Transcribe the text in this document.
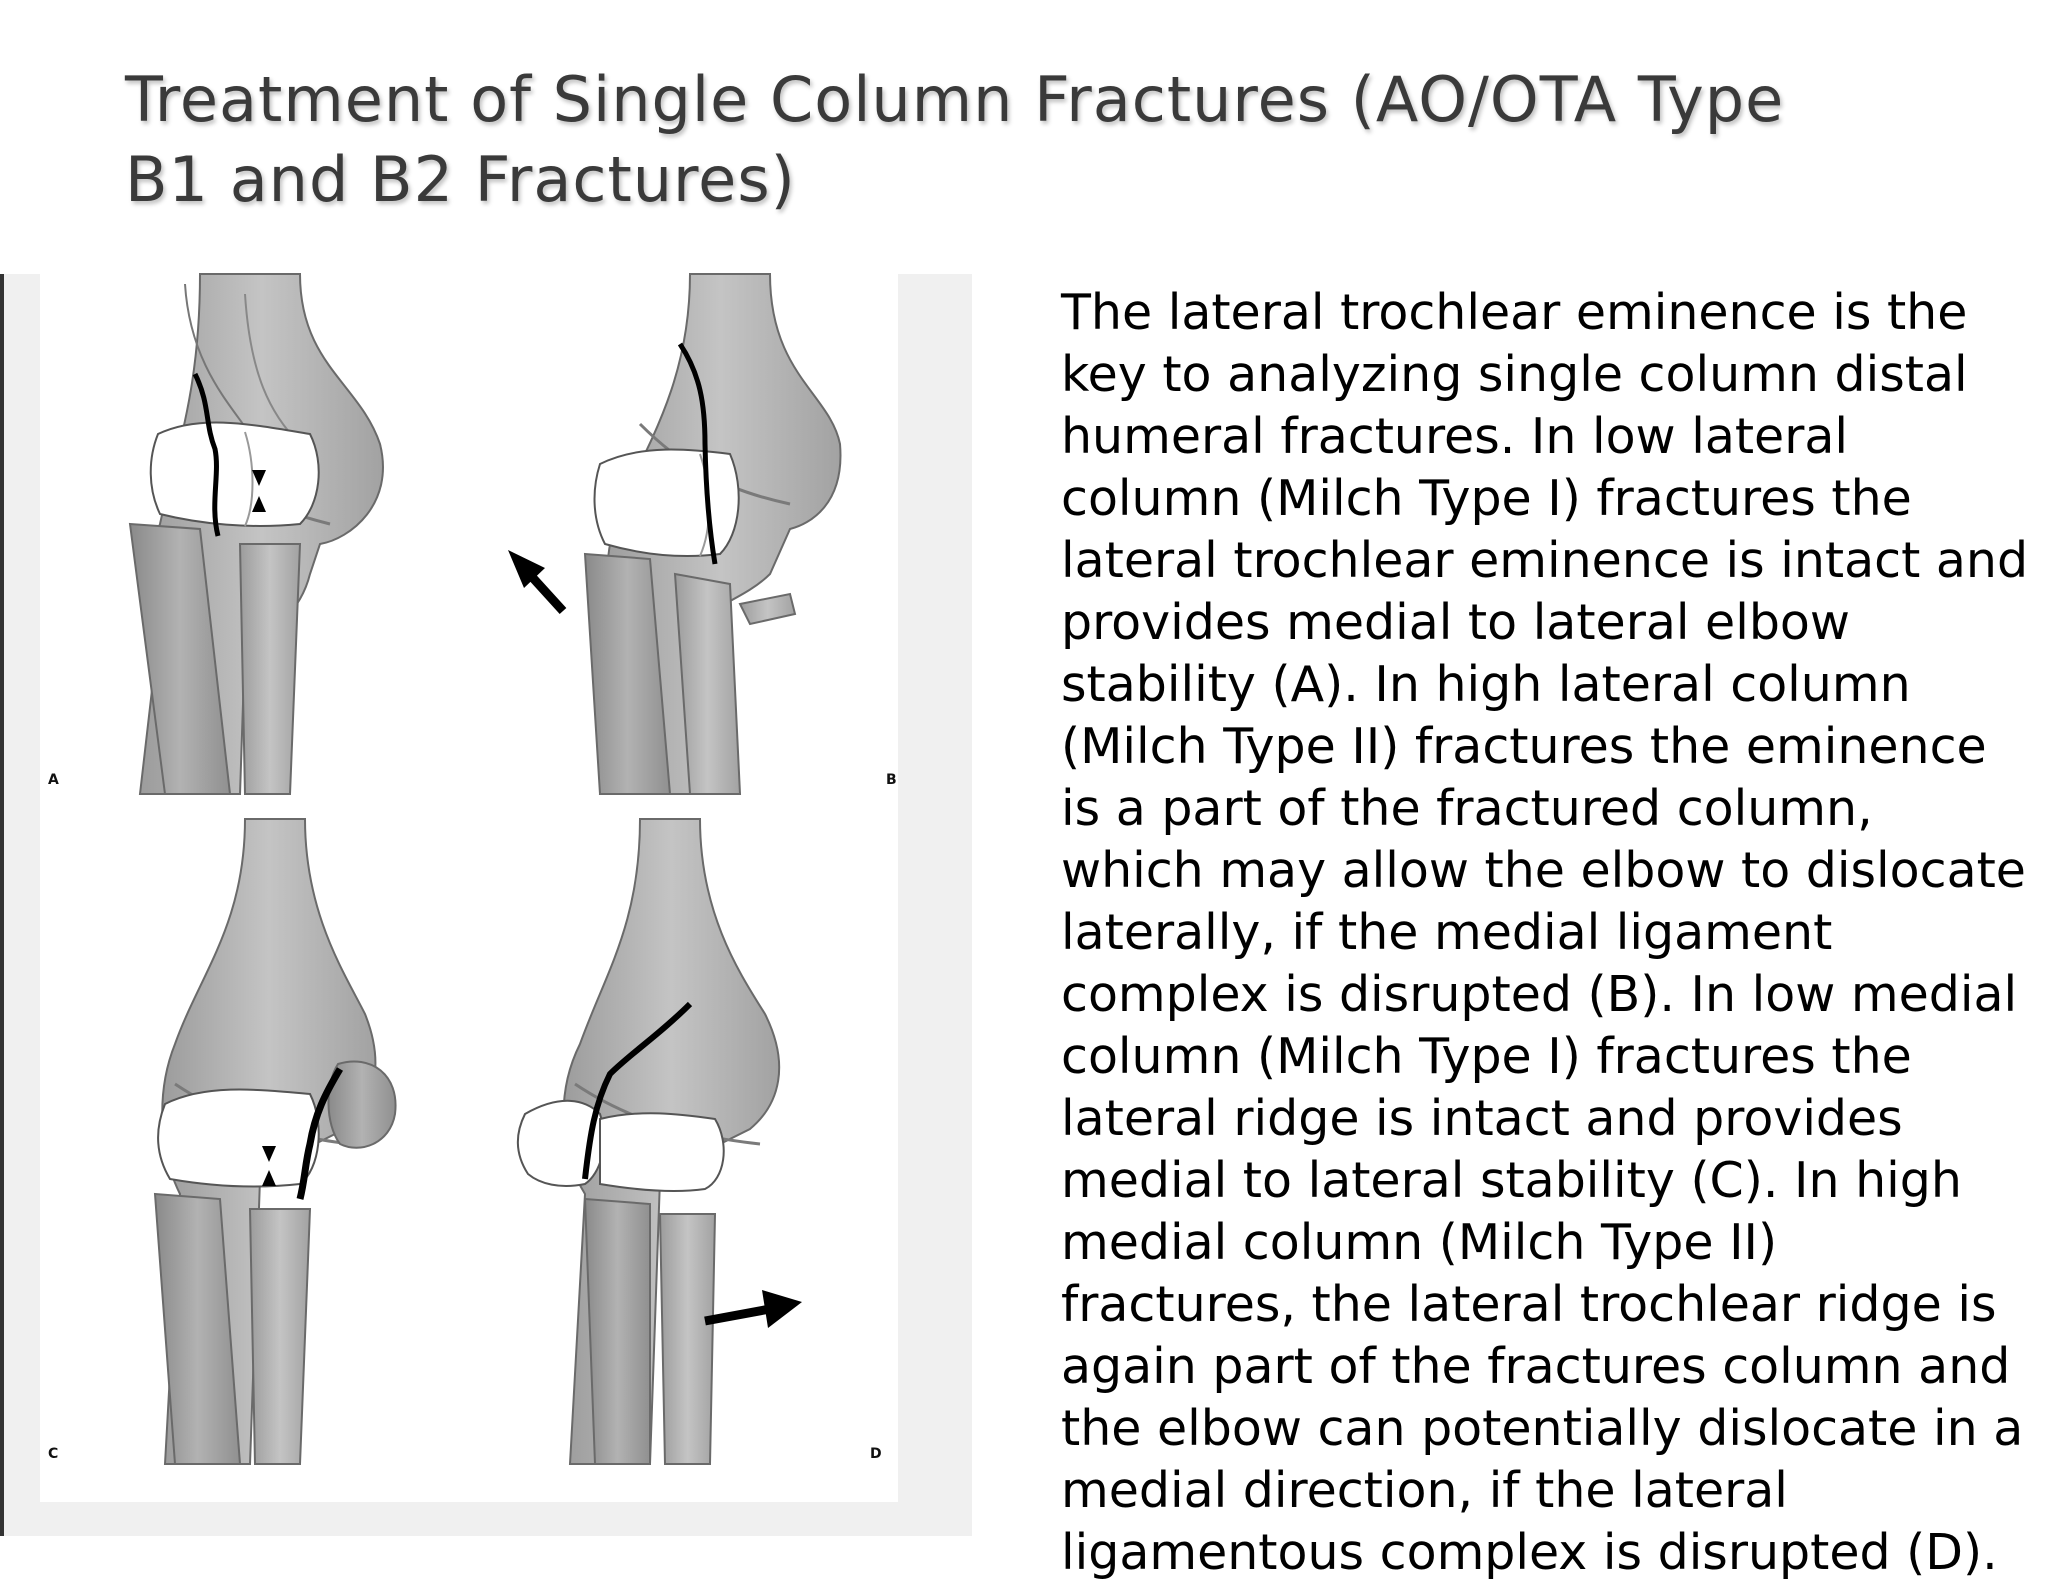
Treatment of Single Column Fractures (AO/OTA Type
B1 and B2 Fractures)
A	B
C	D
The lateral trochlear eminence is the
key to analyzing single column distal
humeral fractures. In low lateral
column (Milch Type I) fractures the
lateral trochlear eminence is intact and
provides medial to lateral elbow
stability (A). In high lateral column
(Milch Type II) fractures the eminence
is a part of the fractured column,
which may allow the elbow to dislocate
laterally, if the medial ligament
complex is disrupted (B). In low medial
column (Milch Type I) fractures the
lateral ridge is intact and provides
medial to lateral stability (C). In high
medial column (Milch Type II)
fractures, the lateral trochlear ridge is
again part of the fractures column and
the elbow can potentially dislocate in a
medial direction, if the lateral
ligamentous complex is disrupted (D).
